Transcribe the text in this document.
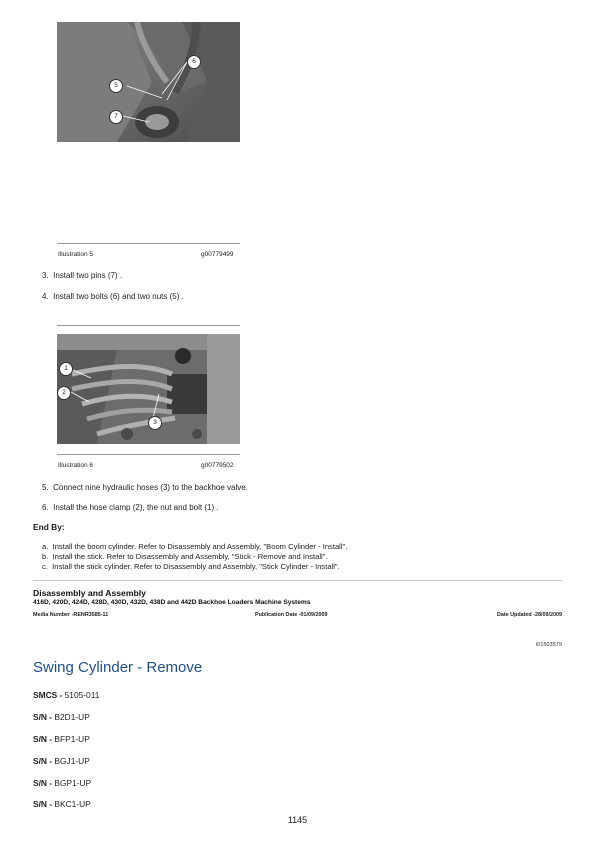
5
6
7
Illustration 5	g00779499
3. Install two pins (7) .
4. Install two bolts (6) and two nuts (5) .
1
2
3
Illustration 6	g00779502
5. Connect nine hydraulic hoses (3) to the backhoe valve.
6. Install the hose clamp (2), the nut and bolt (1) .
End By:
a. Install the boom cylinder. Refer to Disassembly and Assembly, "Boom Cylinder - Install".
b. Install the stick. Refer to Disassembly and Assembly, "Stick - Remove and Install".
c. Install the stick cylinder. Refer to Disassembly and Assembly, "Stick Cylinder - Install".
Disassembly and Assembly
416D, 420D, 424D, 428D, 430D, 432D, 438D and 442D Backhoe Loaders Machine Systems
Media Number -RENR3585-11	Publication Date -01/09/2009	Date Updated -28/09/2009
i01503579
Swing Cylinder - Remove
SMCS - 5105-011
S/N - B2D1-UP
S/N - BFP1-UP
S/N - BGJ1-UP
S/N - BGP1-UP
S/N - BKC1-UP
1145
